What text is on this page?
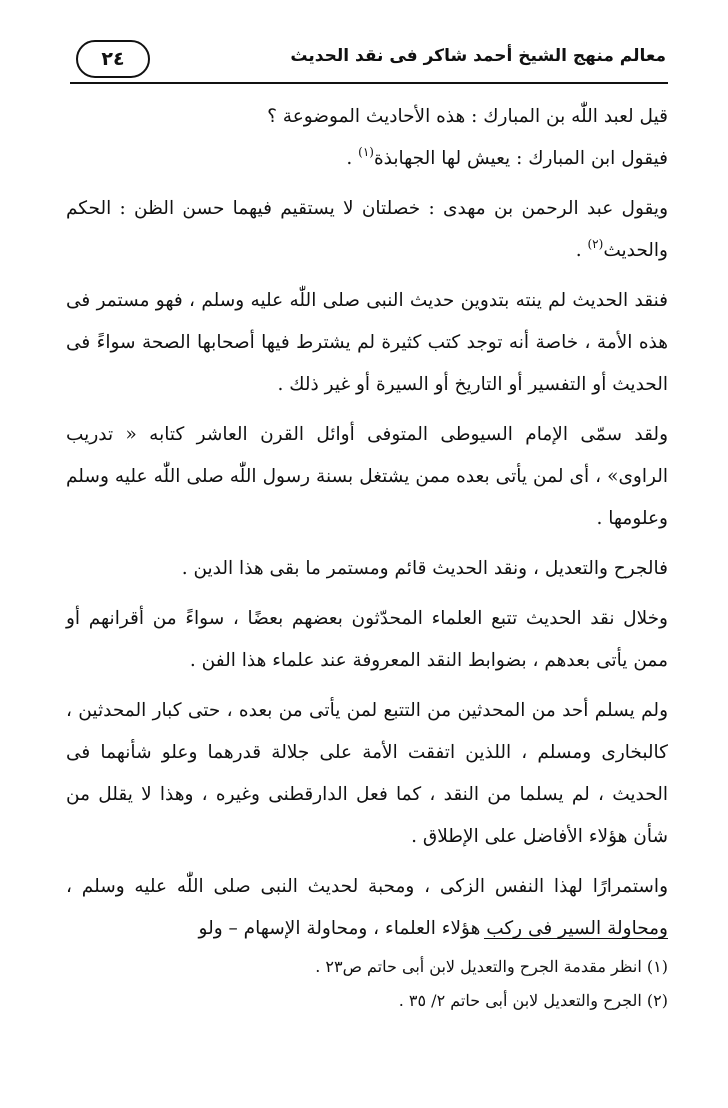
٢٤	معالم منهج الشيخ أحمد شاكر فى نقد الحديث

قيل لعبد اللّٰه بن المبارك : هذه الأحاديث الموضوعة ؟

فيقول ابن المبارك : يعيش لها الجهابذة$^{(١)}$ .

ويقول عبد الرحمن بن مهدى : خصلتان لا يستقيم فيهما حسن الظن : الحكم والحديث$^{(٢)}$ .

فنقد الحديث لم ينته بتدوين حديث النبى صلى اللّٰه عليه وسلم ، فهو مستمر فى هذه الأمة ، خاصة أنه توجد كتب كثيرة لم يشترط فيها أصحابها الصحة سواءً فى الحديث أو التفسير أو التاريخ أو السيرة أو غير ذلك .

ولقد سمّى الإمام السيوطى المتوفى أوائل القرن العاشر كتابه « تدريب الراوى» ، أى لمن يأتى بعده ممن يشتغل بسنة رسول اللّٰه صلى اللّٰه عليه وسلم وعلومها .

فالجرح والتعديل ، ونقد الحديث قائم ومستمر ما بقى هذا الدين .

وخلال نقد الحديث تتبع العلماء المحدّثون بعضهم بعضًا ، سواءً من أقرانهم أو ممن يأتى بعدهم ، بضوابط النقد المعروفة عند علماء هذا الفن .

ولم يسلم أحد من المحدثين من التتبع لمن يأتى من بعده ، حتى كبار المحدثين ، كالبخارى ومسلم ، اللذين اتفقت الأمة على جلالة قدرهما وعلو شأنهما فى الحديث ، لم يسلما من النقد ، كما فعل الدارقطنى وغيره ، وهذا لا يقلل من شأن هؤلاء الأفاضل على الإطلاق .

واستمرارًا لهذا النفس الزكى ، ومحبة لحديث النبى صلى اللّٰه عليه وسلم ، ومحاولة السير فى ركب هؤلاء العلماء ، ومحاولة الإسهام – ولو

(١) انظر مقدمة الجرح والتعديل لابن أبى حاتم ص٢٣ .

(٢) الجرح والتعديل لابن أبى حاتم ٢/ ٣٥ .
